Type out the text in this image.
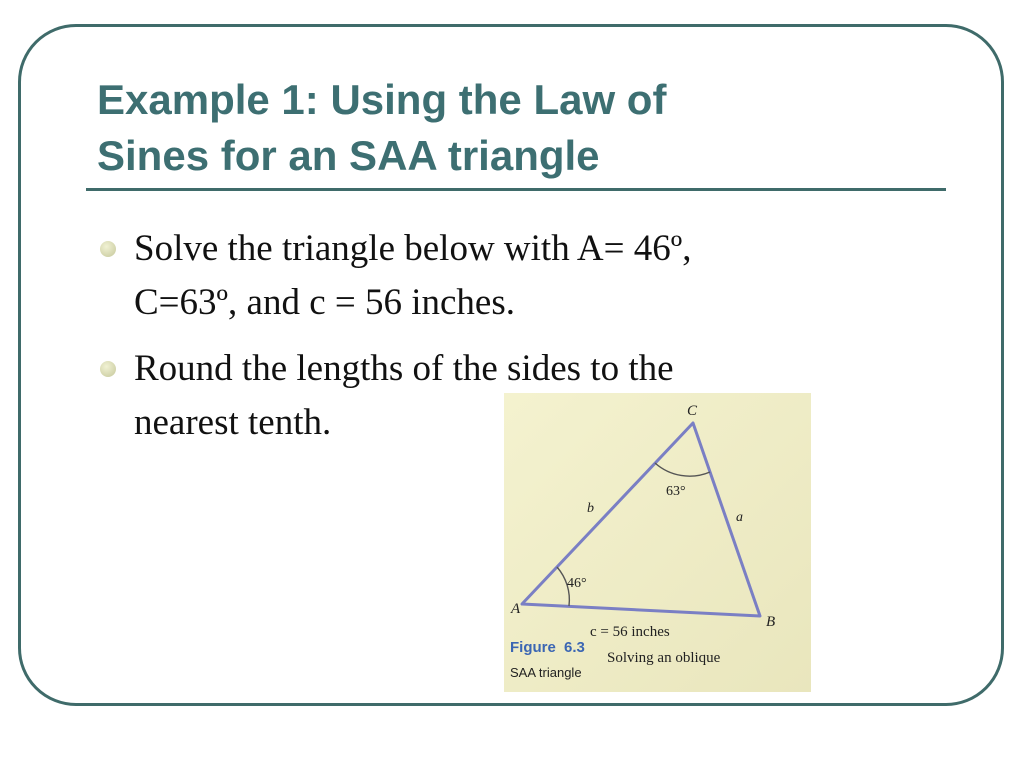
Example 1: Using the Law of
Sines for an SAA triangle
Solve the triangle below with A= 46º,
C=63º, and c = 56 inches.
Round the lengths of the sides to the
nearest tenth.	C
A
B
b
a
63°
46°
c = 56 inches
Figure 6.3
Solving an oblique
SAA triangle
